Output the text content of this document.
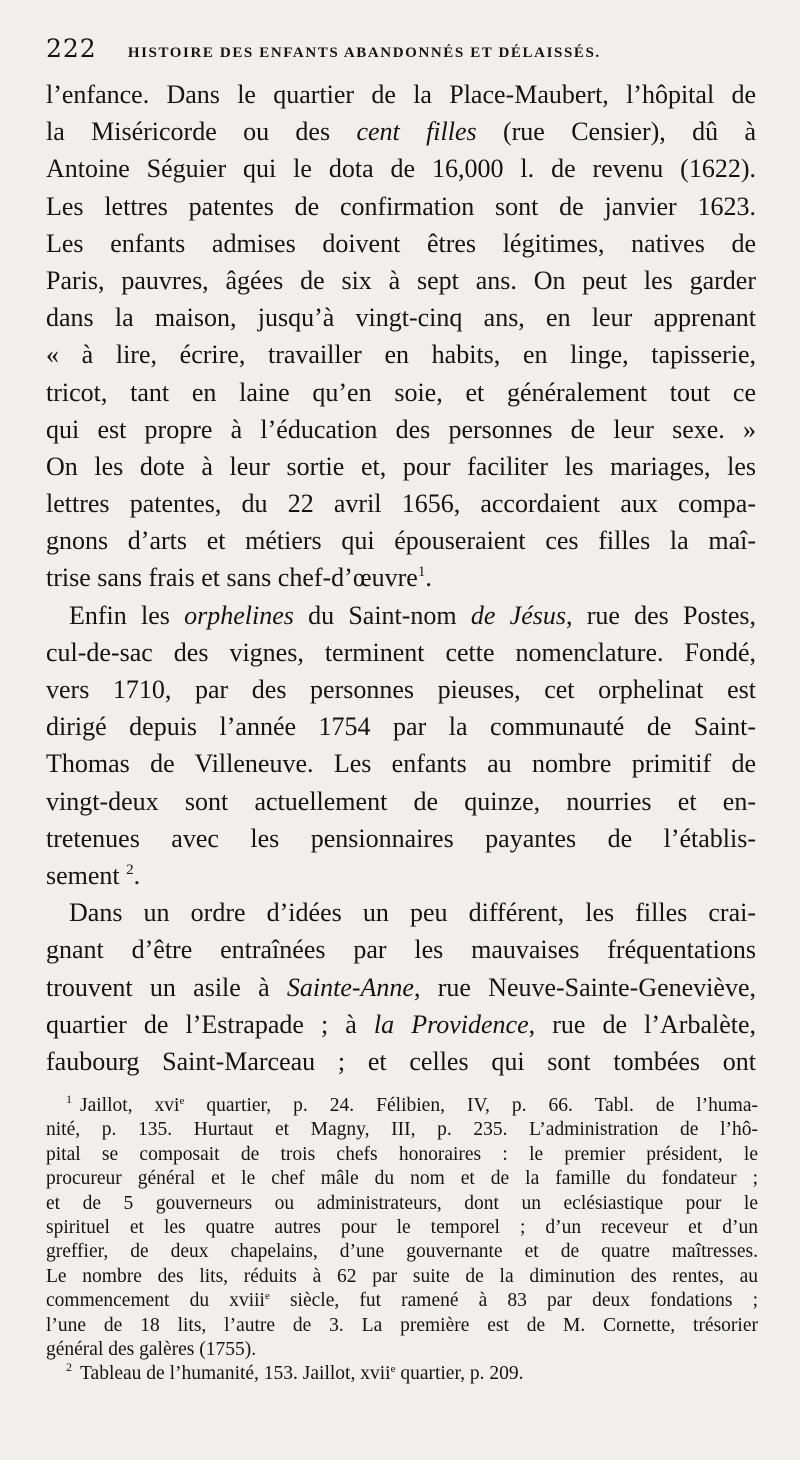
222 HISTOIRE DES ENFANTS ABANDONNÉS ET DÉLAISSÉS.
l’enfance. Dans le quartier de la Place-Maubert, l’hôpital de
la Miséricorde ou des cent filles (rue Censier), dû à
Antoine Séguier qui le dota de 16,000 l. de revenu (1622).
Les lettres patentes de confirmation sont de janvier 1623.
Les enfants admises doivent êtres légitimes, natives de
Paris, pauvres, âgées de six à sept ans. On peut les garder
dans la maison, jusqu’à vingt-cinq ans, en leur apprenant
« à lire, écrire, travailler en habits, en linge, tapisserie,
tricot, tant en laine qu’en soie, et généralement tout ce
qui est propre à l’éducation des personnes de leur sexe. »
On les dote à leur sortie et, pour faciliter les mariages, les
lettres patentes, du 22 avril 1656, accordaient aux compa-
gnons d’arts et métiers qui épouseraient ces filles la maî-
trise sans frais et sans chef-d’œuvre$^1$.
Enfin les orphelines du Saint-nom de Jésus, rue des Postes,
cul-de-sac des vignes, terminent cette nomenclature. Fondé,
vers 1710, par des personnes pieuses, cet orphelinat est
dirigé depuis l’année 1754 par la communauté de Saint-
Thomas de Villeneuve. Les enfants au nombre primitif de
vingt-deux sont actuellement de quinze, nourries et en-
tretenues avec les pensionnaires payantes de l’établis-
sement $^2$.
Dans un ordre d’idées un peu différent, les filles crai-
gnant d’être entraînées par les mauvaises fréquentations
trouvent un asile à Sainte-Anne, rue Neuve-Sainte-Geneviève,
quartier de l’Estrapade ; à la Providence, rue de l’Arbalète,
faubourg Saint-Marceau ; et celles qui sont tombées ont
$^1$ Jaillot, xvi$^e$ quartier, p. 24. Félibien, IV, p. 66. Tabl. de l’huma-
nité, p. 135. Hurtaut et Magny, III, p. 235. L’administration de l’hô-
pital se composait de trois chefs honoraires : le premier président, le
procureur général et le chef mâle du nom et de la famille du fondateur ;
et de 5 gouverneurs ou administrateurs, dont un eclésiastique pour le
spirituel et les quatre autres pour le temporel ; d’un receveur et d’un
greffier, de deux chapelains, d’une gouvernante et de quatre maîtresses.
Le nombre des lits, réduits à 62 par suite de la diminution des rentes, au
commencement du xviii$^e$ siècle, fut ramené à 83 par deux fondations ;
l’une de 18 lits, l’autre de 3. La première est de M. Cornette, trésorier
général des galères (1755).
$^2$ Tableau de l’humanité, 153. Jaillot, xvii$^e$ quartier, p. 209.
